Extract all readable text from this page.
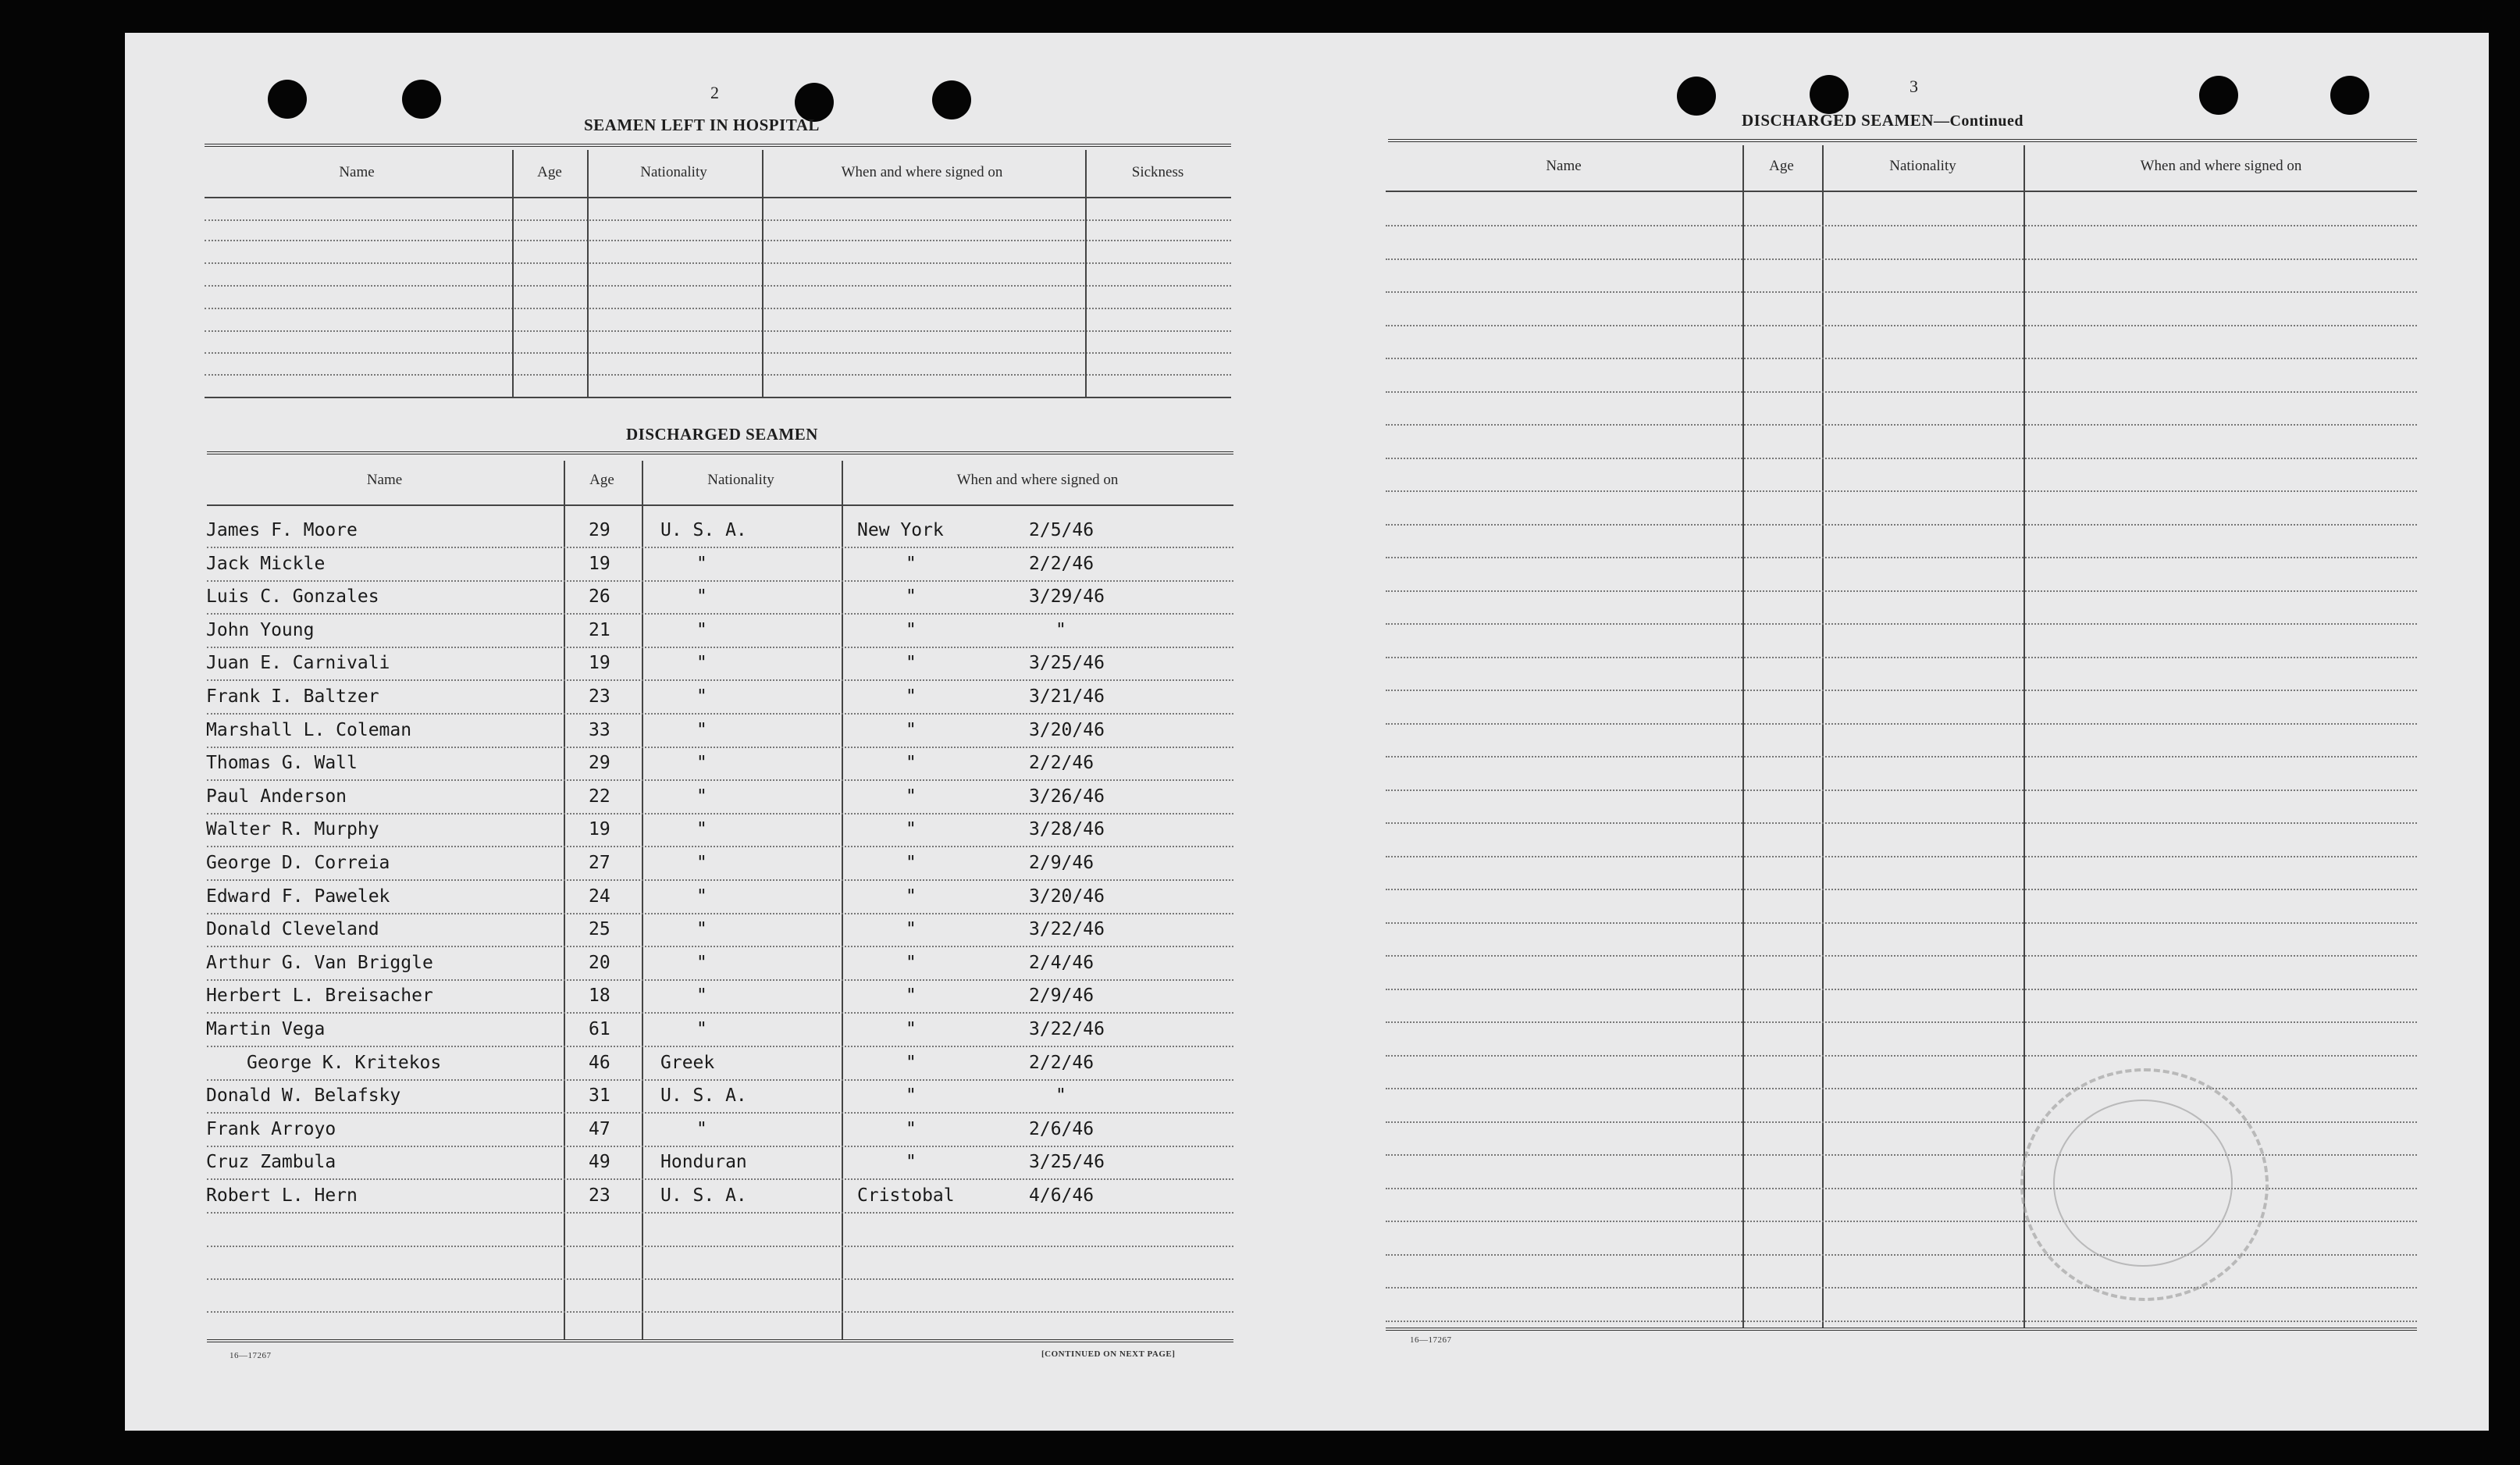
2
SEAMEN LEFT IN HOSPITAL
Name	Age	Nationality	When and where signed on	Sickness
DISCHARGED SEAMEN
Name	Age	Nationality	When and where signed on
James F. Moore	29	U. S. A.	New York	2/5/46
Jack Mickle	19	"	"	2/2/46
Luis C. Gonzales	26	"	"	3/29/46
John Young	21	"	"	"
Juan E. Carnivali	19	"	"	3/25/46
Frank I. Baltzer	23	"	"	3/21/46
Marshall L. Coleman	33	"	"	3/20/46
Thomas G. Wall	29	"	"	2/2/46
Paul Anderson	22	"	"	3/26/46
Walter R. Murphy	19	"	"	3/28/46
George D. Correia	27	"	"	2/9/46
Edward F. Pawelek	24	"	"	3/20/46
Donald Cleveland	25	"	"	3/22/46
Arthur G. Van Briggle	20	"	"	2/4/46
Herbert L. Breisacher	18	"	"	2/9/46
Martin Vega	61	"	"	3/22/46
George K. Kritekos	46	Greek	"	2/2/46
Donald W. Belafsky	31	U. S. A.	"	"
Frank Arroyo	47	"	"	2/6/46
Cruz Zambula	49	Honduran	"	3/25/46
Robert L. Hern	23	U. S. A.	Cristobal	4/6/46
16—17267	[CONTINUED ON NEXT PAGE]
3
DISCHARGED SEAMEN—Continued
Name	Age	Nationality	When and where signed on
16—17267
